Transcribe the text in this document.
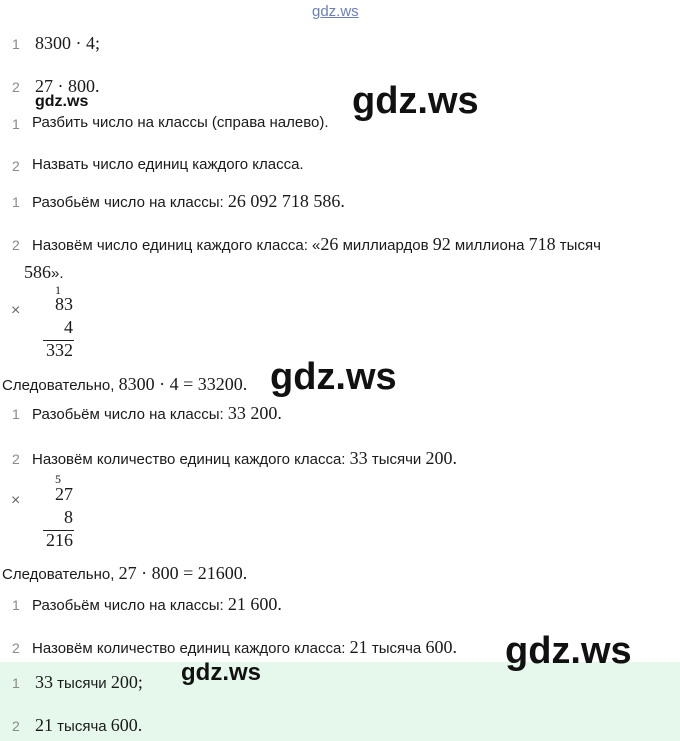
gdz.ws
1 8300 · 4;
2 27 · 800.
gdz.ws	gdz.ws
1 Разбить число на классы (справа налево).
2 Назвать число единиц каждого класса.
1 Разобьём число на классы: 26 092 718 586.
2 Назовём число единиц каждого класса: «26 миллиардов 92 миллиона 718 тысяч
586».
×
1
83
4
332
Следовательно, 8300 · 4 = 33200. gdz.ws
1 Разобьём число на классы: 33 200.
2 Назовём количество единиц каждого класса: 33 тысячи 200.
×
5
27
8
216
Следовательно, 27 · 800 = 21600.
1 Разобьём число на классы: 21 600.
2 Назовём количество единиц каждого класса: 21 тысяча 600. gdz.ws
1 33 тысячи 200; gdz.ws
2 21 тысяча 600.
